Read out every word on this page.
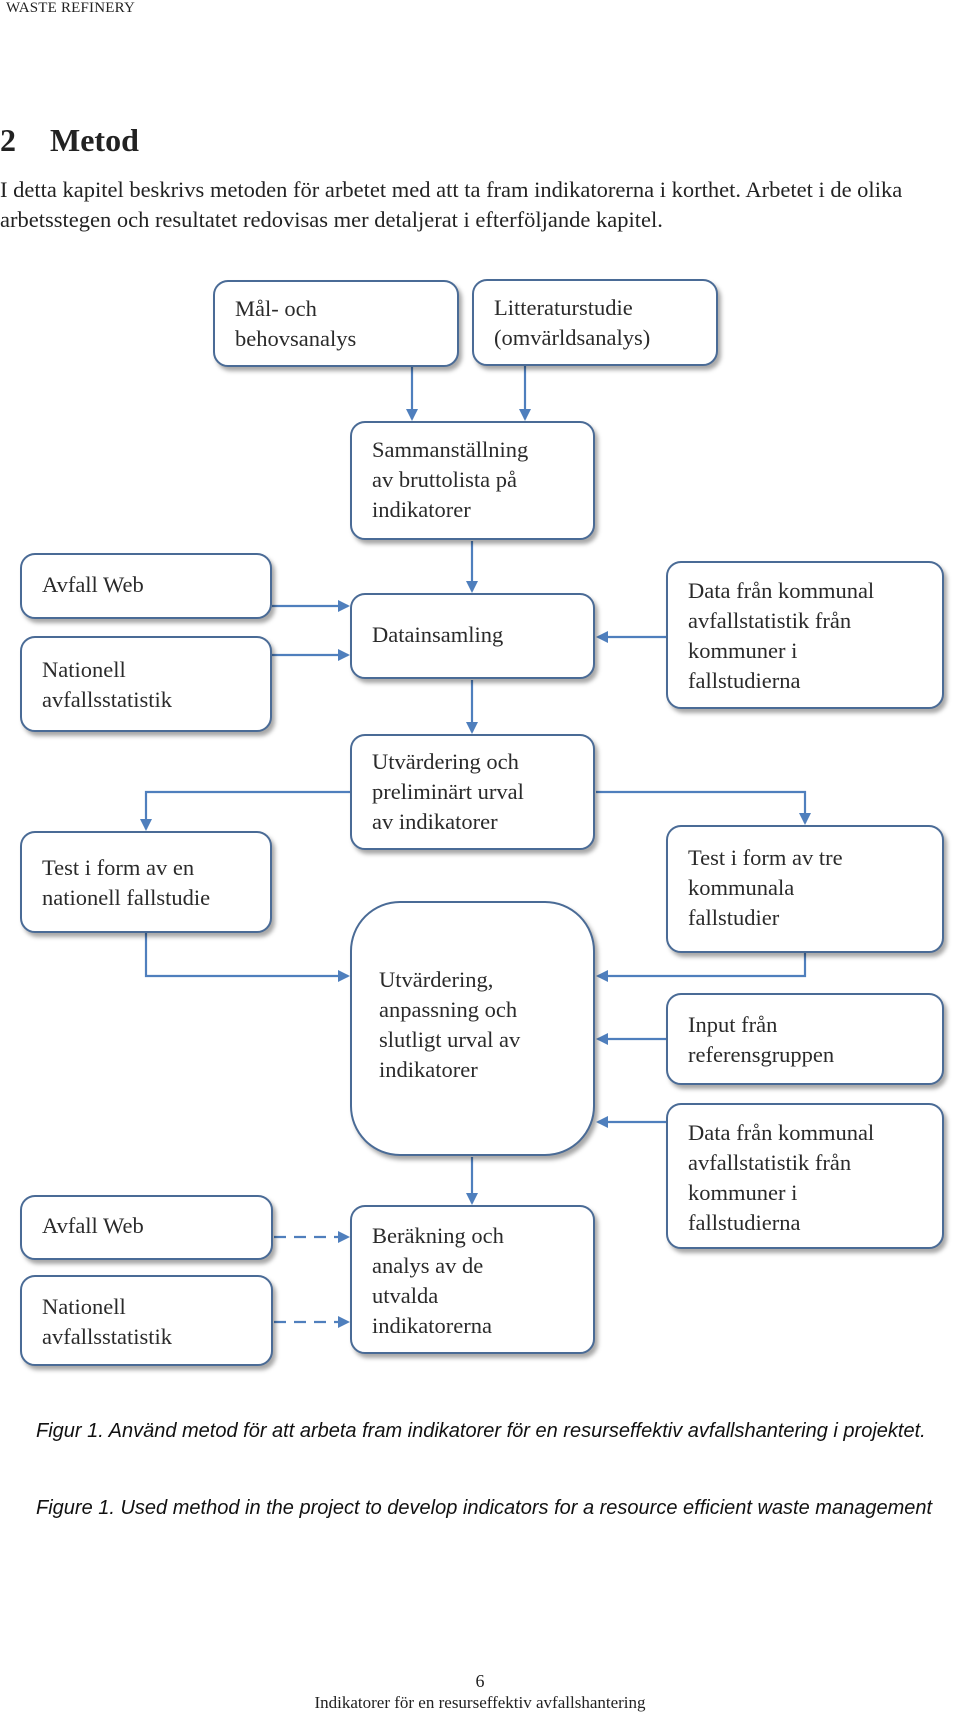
WASTE REFINERY
2 Metod

I detta kapitel beskrivs metoden för arbetet med att ta fram indikatorerna i korthet. Arbetet i de olika arbetsstegen och resultatet redovisas mer detaljerat i efterföljande kapitel.

Mål- och
behovsanalys
Litteraturstudie
(omvärldsanalys)
Sammanställning
av bruttolista på
indikatorer
Avfall Web
Nationell
avfallsstatistik
Datainsamling
Data från kommunal
avfallstatistik från
kommuner i
fallstudierna
Utvärdering och
preliminärt urval
av indikatorer
Test i form av en
nationell fallstudie
Test i form av tre
kommunala
fallstudier
Utvärdering,
anpassning och
slutligt urval av
indikatorer
Input från
referensgruppen
Data från kommunal
avfallstatistik från
kommuner i
fallstudierna
Avfall Web
Nationell
avfallsstatistik
Beräkning och
analys av de
utvalda
indikatorerna

Figur 1. Använd metod för att arbeta fram indikatorer för en resurseffektiv avfallshantering i projektet.

Figure 1. Used method in the project to develop indicators for a resource efficient waste management

6
Indikatorer för en resurseffektiv avfallshantering
